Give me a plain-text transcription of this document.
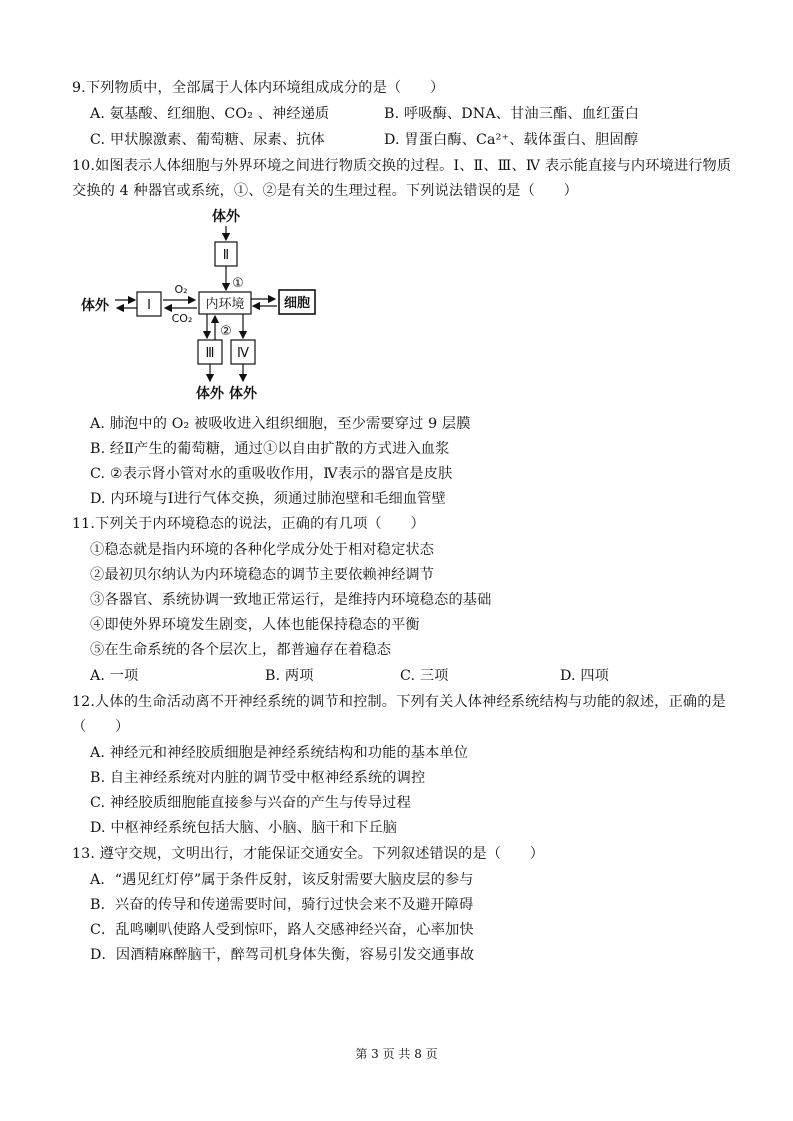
9.下列物质中，全部属于人体内环境组成成分的是（　　）
A. 氨基酸、红细胞、CO₂ 、神经递质	B. 呼吸酶、DNA、甘油三酯、血红蛋白
C. 甲状腺激素、葡萄糖、尿素、抗体	D. 胃蛋白酶、Ca²⁺、载体蛋白、胆固醇
10.如图表示人体细胞与外界环境之间进行物质交换的过程。Ⅰ、Ⅱ、Ⅲ、Ⅳ 表示能直接与内环境进行物质
交换的 4 种器官或系统，①、②是有关的生理过程。下列说法错误的是（　　）
体外
Ⅱ
①
体外	Ⅰ
O₂
CO₂
内环境	细胞
②
Ⅲ Ⅳ
体外 体外
A. 肺泡中的 O₂ 被吸收进入组织细胞，至少需要穿过 9 层膜
B. 经Ⅱ产生的葡萄糖，通过①以自由扩散的方式进入血浆
C. ②表示肾小管对水的重吸收作用，Ⅳ表示的器官是皮肤
D. 内环境与Ⅰ进行气体交换，须通过肺泡壁和毛细血管壁
11.下列关于内环境稳态的说法，正确的有几项（　　）
①稳态就是指内环境的各种化学成分处于相对稳定状态
②最初贝尔纳认为内环境稳态的调节主要依赖神经调节
③各器官、系统协调一致地正常运行，是维持内环境稳态的基础
④即使外界环境发生剧变，人体也能保持稳态的平衡
⑤在生命系统的各个层次上，都普遍存在着稳态
A. 一项	B. 两项	C. 三项	D. 四项
12.人体的生命活动离不开神经系统的调节和控制。下列有关人体神经系统结构与功能的叙述，正确的是
（　　）
A. 神经元和神经胶质细胞是神经系统结构和功能的基本单位
B. 自主神经系统对内脏的调节受中枢神经系统的调控
C. 神经胶质细胞能直接参与兴奋的产生与传导过程
D. 中枢神经系统包括大脑、小脑、脑干和下丘脑
13. 遵守交规，文明出行，才能保证交通安全。下列叙述错误的是（　　）
A．“遇见红灯停”属于条件反射，该反射需要大脑皮层的参与
B．兴奋的传导和传递需要时间，骑行过快会来不及避开障碍
C．乱鸣喇叭使路人受到惊吓，路人交感神经兴奋，心率加快
D．因酒精麻醉脑干，醉驾司机身体失衡，容易引发交通事故
第 3 页 共 8 页
